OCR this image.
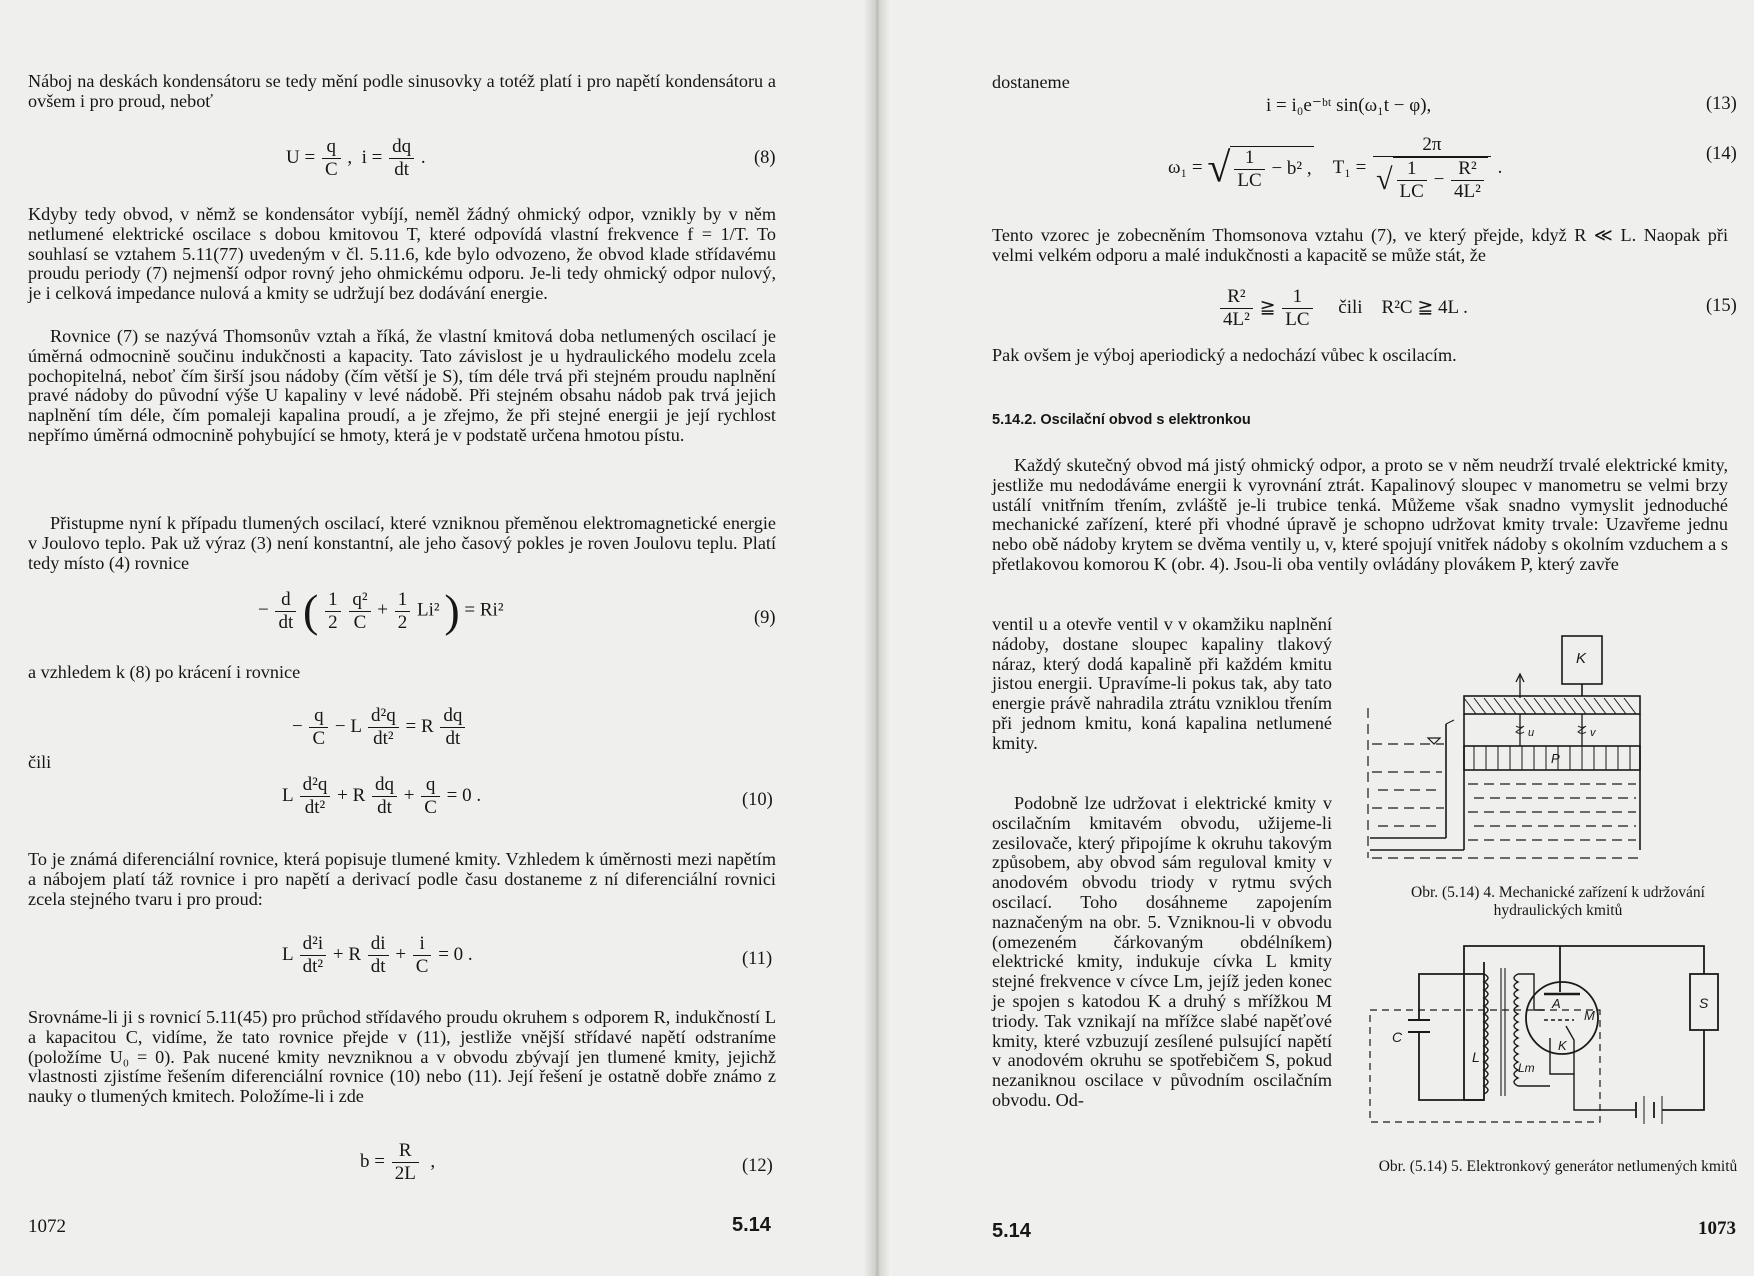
Náboj na deskách kondensátoru se tedy mění podle sinusovky a totéž platí i pro napětí kondensátoru a ovšem i pro proud, neboť

$U = \frac{q}{C}$ , $i = \frac{dq}{dt}$ .	(8)

Kdyby tedy obvod, v němž se kondensátor vybíjí, neměl žádný ohmický odpor, vznikly by v něm netlumené elektrické oscilace s dobou kmitovou T, které odpovídá vlastní frekvence f = 1/T. To souhlasí se vztahem 5.11(77) uvedeným v čl. 5.11.6, kde bylo odvozeno, že obvod klade střídavému proudu periody (7) nejmenší odpor rovný jeho ohmickému odporu. Je-li tedy ohmický odpor nulový, je i celková impedance nulová a kmity se udržují bez dodávání energie.

Rovnice (7) se nazývá Thomsonův vztah a říká, že vlastní kmitová doba netlumených oscilací je úměrná odmocnině součinu indukčnosti a kapacity. Tato závislost je u hydraulického modelu zcela pochopitelná, neboť čím širší jsou nádoby (čím větší je S), tím déle trvá při stejném proudu naplnění pravé nádoby do původní výše U kapaliny v levé nádobě. Při stejném obsahu nádob pak trvá jejich naplnění tím déle, čím pomaleji kapalina proudí, a je zřejmo, že při stejné energii je její rychlost nepřímo úměrná odmocnině pohybující se hmoty, která je v podstatě určena hmotou pístu.

Přistupme nyní k případu tlumených oscilací, které vzniknou přeměnou elektromagnetické energie v Joulovo teplo. Pak už výraz (3) není konstantní, ale jeho časový pokles je roven Joulovu teplu. Platí tedy místo (4) rovnice

− $\frac{d}{dt}$ ( $\frac{1}{2}$
$\frac{\text{q²}}{C} + \frac{1}{2} Li^2$ ) = Ri²	(9)

a vzhledem k (8) po krácení i rovnice

− $\frac{q}{C} - L \frac{\text{d²q}}{\text{dt²}} = R \frac{dq}{dt}$
čili
L $\frac{\text{d²q}}{\text{dt²}} + R \frac{dq}{dt} + \frac{q}{C} = 0$ .	(10)

To je známá diferenciální rovnice, která popisuje tlumené kmity. Vzhledem k úměrnosti mezi napětím a nábojem platí táž rovnice i pro napětí a derivací podle času dostaneme z ní diferenciální rovnici zcela stejného tvaru i pro proud:

L $\frac{\text{d²i}}{\text{dt²}} + R \frac{di}{dt} + \frac{i}{C} = 0$ .	(11)

Srovnáme-li ji s rovnicí 5.11(45) pro průchod střídavého proudu okruhem s odporem R, indukčností L a kapacitou C, vidíme, že tato rovnice přejde v (11), jestliže vnější střídavé napětí odstraníme (položíme U₀ = 0). Pak nucené kmity nevzniknou a v obvodu zbývají jen tlumené kmity, jejichž vlastnosti zjistíme řešením diferenciální rovnice (10) nebo (11). Její řešení je ostatně dobře známo z nauky o tlumených kmitech. Položíme-li i zde

$b = \frac{R}{2L}$ ,	(12)
1072	5.14
dostaneme
i = i₀e⁻ᵇᵗ sin(ω₁t − φ),	(13)
ω₁ = √ $\frac{1}{LC} - b^2$ , $T_1 = \frac{2\pi}{√ \frac{1}{LC} - \frac{\text{R²}}{\text{4L²}}}$ .
(14)

Tento vzorec je zobecněním Thomsonova vztahu (7), ve který přejde, když R ≪ L. Naopak při velmi velkém odporu a malé indukčnosti a kapacitě se může stát, že

$\frac{\text{R²}}{\text{4L²}}$ ≧ $\frac{1}{LC}$ čili R²C ≧ 4L .	(15)

Pak ovšem je výboj aperiodický a nedochází vůbec k oscilacím.

5.14.2. Oscilační obvod s elektronkou

Každý skutečný obvod má jistý ohmický odpor, a proto se v něm neudrží trvalé elektrické kmity, jestliže mu nedodáváme energii k vyrovnání ztrát. Kapalinový sloupec v manometru se velmi brzy ustálí vnitřním třením, zvláště je-li trubice tenká. Můžeme však snadno vymyslit jednoduché mechanické zařízení, které při vhodné úpravě je schopno udržovat kmity trvale: Uzavřeme jednu nebo obě nádoby krytem se dvěma ventily u, v, které spojují vnitřek nádoby s okolním vzduchem a s přetlakovou komorou K (obr. 4). Jsou-li oba ventily ovládány plovákem P, který zavře

ventil u a otevře ventil v v okamžiku naplnění nádoby, dostane sloupec kapaliny tlakový náraz, který dodá kapalině při každém kmitu jistou energii. Upravíme-li pokus tak, aby tato energie právě nahradila ztrátu vzniklou třením při jednom kmitu, koná kapalina netlumené kmity.

Podobně lze udržovat i elektrické kmity v oscilačním kmitavém obvodu, užijeme-li zesilovače, který připojíme k okruhu takovým způsobem, aby obvod sám reguloval kmity v anodovém obvodu triody v rytmu svých oscilací. Toho dosáhneme zapojením naznačeným na obr. 5. Vzniknou-li v obvodu (omezeném čárkovaným obdélníkem) elektrické kmity, indukuje cívka L kmity stejné frekvence v cívce Lm, jejíž jeden konec je spojen s katodou K a druhý s mřížkou M triody. Tak vznikají na mřížce slabé napěťové kmity, které vzbuzují zesílené pulsující napětí v anodovém okruhu se spotřebičem S, pokud nezaniknou oscilace v původním oscilačním obvodu. Od-

K
u	v
P
Obr. (5.14) 4. Mechanické zařízení k udržování hydraulických kmitů
A
M
S
C
L
Lm
K
Obr. (5.14) 5. Elektronkový generátor netlumených kmitů
5.14	1073
